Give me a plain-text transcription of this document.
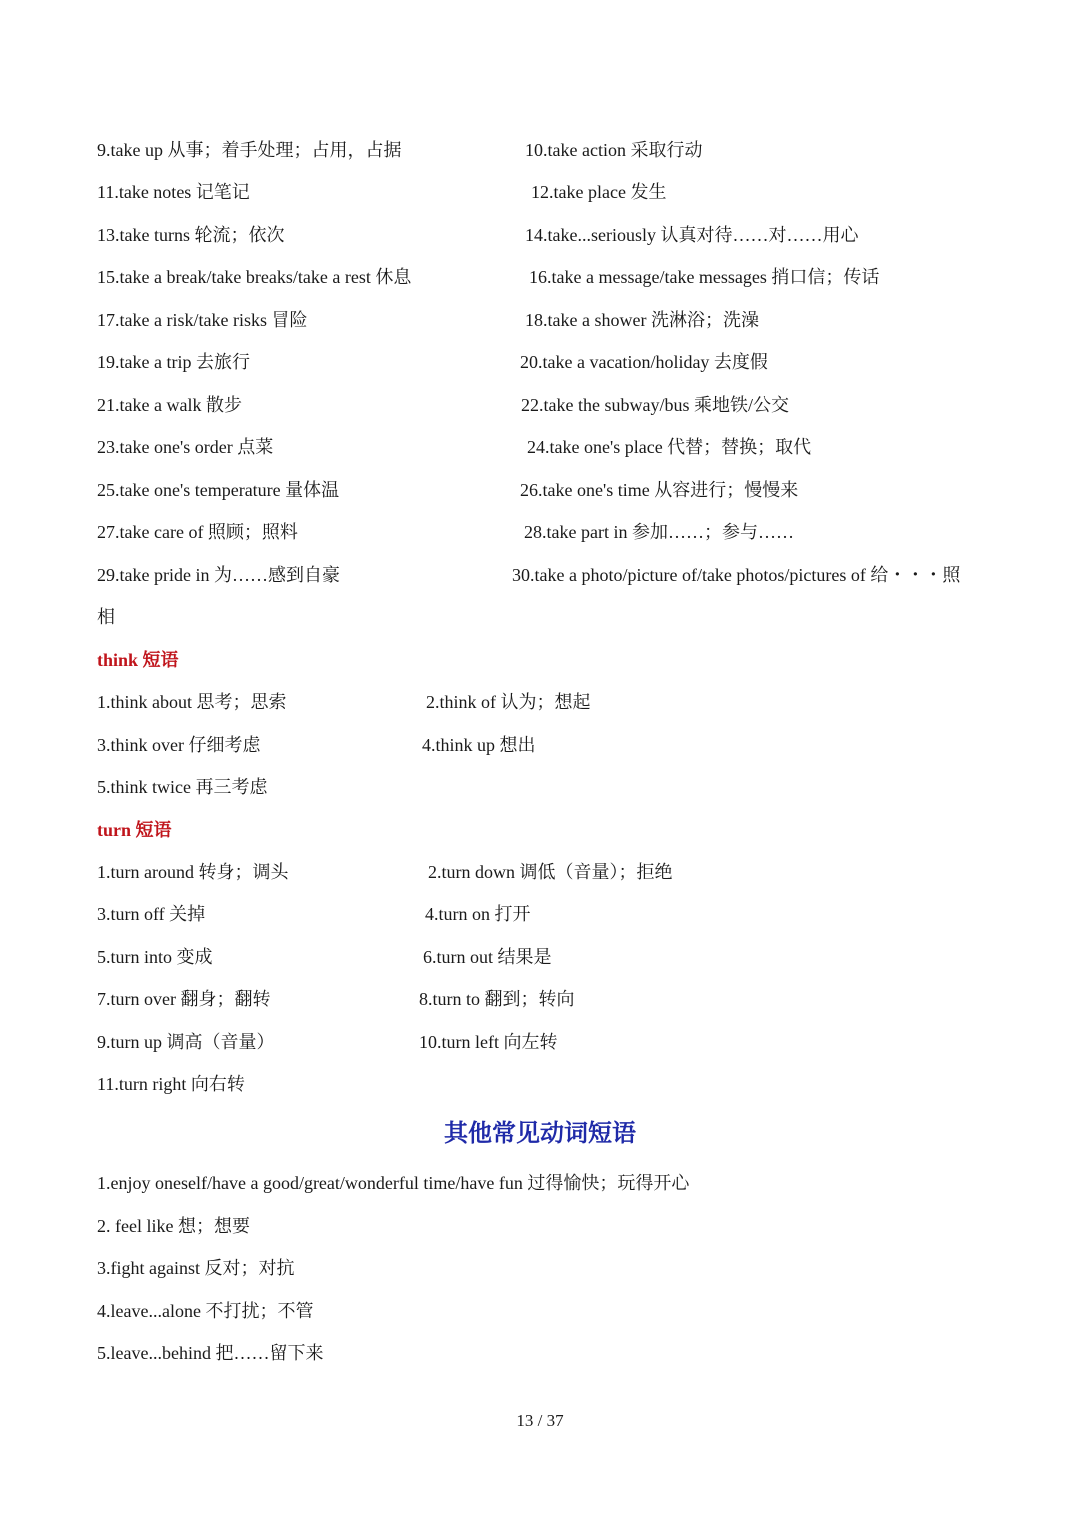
9.take up 从事；着手处理；占用，占据	10.take action 采取行动
11.take notes 记笔记	12.take place 发生
13.take turns 轮流；依次	14.take...seriously 认真对待……对……用心
15.take a break/take breaks/take a rest 休息	16.take a message/take messages 捎口信；传话
17.take a risk/take risks 冒险	18.take a shower 洗淋浴；洗澡
19.take a trip 去旅行	20.take a vacation/holiday 去度假
21.take a walk 散步	22.take the subway/bus 乘地铁/公交
23.take one's order 点菜	24.take one's place 代替；替换；取代
25.take one's temperature 量体温	26.take one's time 从容进行；慢慢来
27.take care of 照顾；照料	28.take part in 参加……；参与……
29.take pride in 为……感到自豪	30.take a photo/picture of/take photos/pictures of 给・・・照
相
think 短语
1.think about 思考；思索	2.think of 认为；想起
3.think over 仔细考虑	4.think up 想出
5.think twice 再三考虑
turn 短语
1.turn around 转身；调头	2.turn down 调低（音量）；拒绝
3.turn off 关掉	4.turn on 打开
5.turn into 变成	6.turn out 结果是
7.turn over 翻身；翻转	8.turn to 翻到；转向
9.turn up 调高（音量）	10.turn left 向左转
11.turn right 向右转
其他常见动词短语
1.enjoy oneself/have a good/great/wonderful time/have fun 过得愉快；玩得开心
2. feel like 想；想要
3.fight against 反对；对抗
4.leave...alone 不打扰；不管
5.leave...behind 把……留下来
13 / 37
